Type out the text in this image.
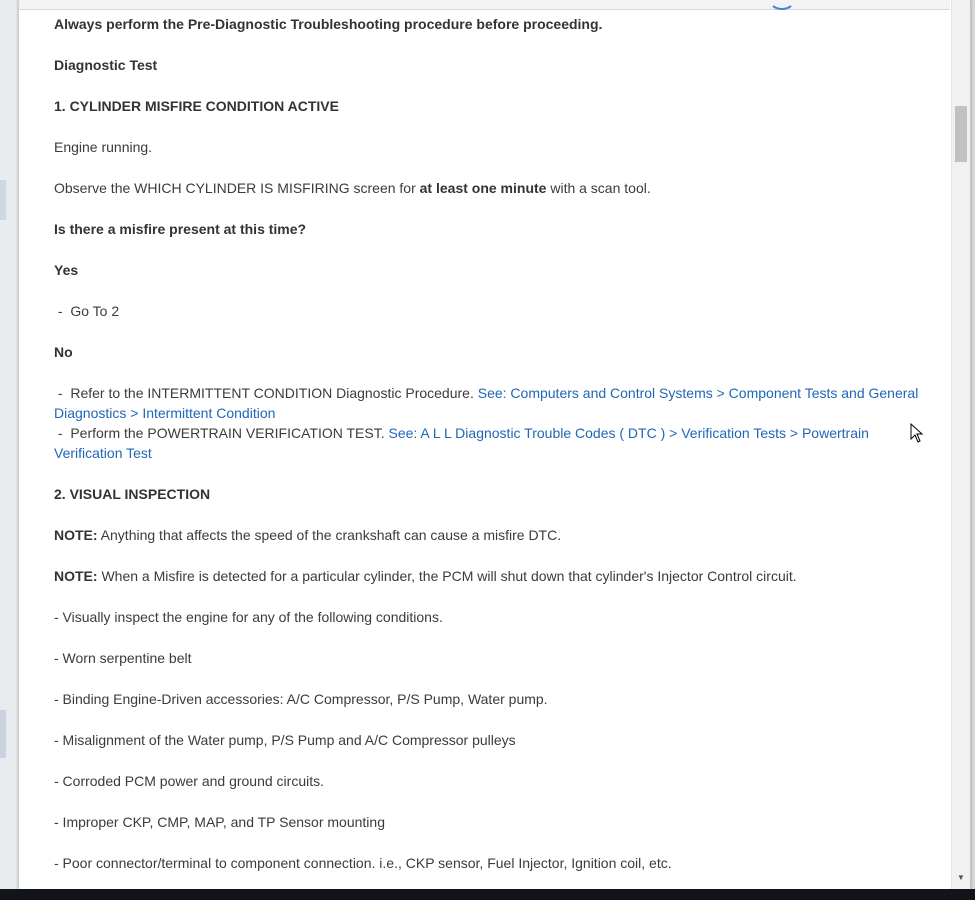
Always perform the Pre-Diagnostic Troubleshooting procedure before proceeding.

Diagnostic Test

1. CYLINDER MISFIRE CONDITION ACTIVE

Engine running.

Observe the WHICH CYLINDER IS MISFIRING screen for at least one minute with a scan tool.

Is there a misfire present at this time?

Yes

-  Go To 2

No

-  Refer to the INTERMITTENT CONDITION Diagnostic Procedure. See: Computers and Control Systems > Component Tests and General Diagnostics > Intermittent Condition

-  Perform the POWERTRAIN VERIFICATION TEST. See: A L L Diagnostic Trouble Codes ( DTC ) > Verification Tests > Powertrain Verification Test

2. VISUAL INSPECTION

NOTE: Anything that affects the speed of the crankshaft can cause a misfire DTC.

NOTE: When a Misfire is detected for a particular cylinder, the PCM will shut down that cylinder's Injector Control circuit.

- Visually inspect the engine for any of the following conditions.

- Worn serpentine belt

- Binding Engine-Driven accessories: A/C Compressor, P/S Pump, Water pump.

- Misalignment of the Water pump, P/S Pump and A/C Compressor pulleys

- Corroded PCM power and ground circuits.

- Improper CKP, CMP, MAP, and TP Sensor mounting

- Poor connector/terminal to component connection. i.e., CKP sensor, Fuel Injector, Ignition coil, etc.

▼
